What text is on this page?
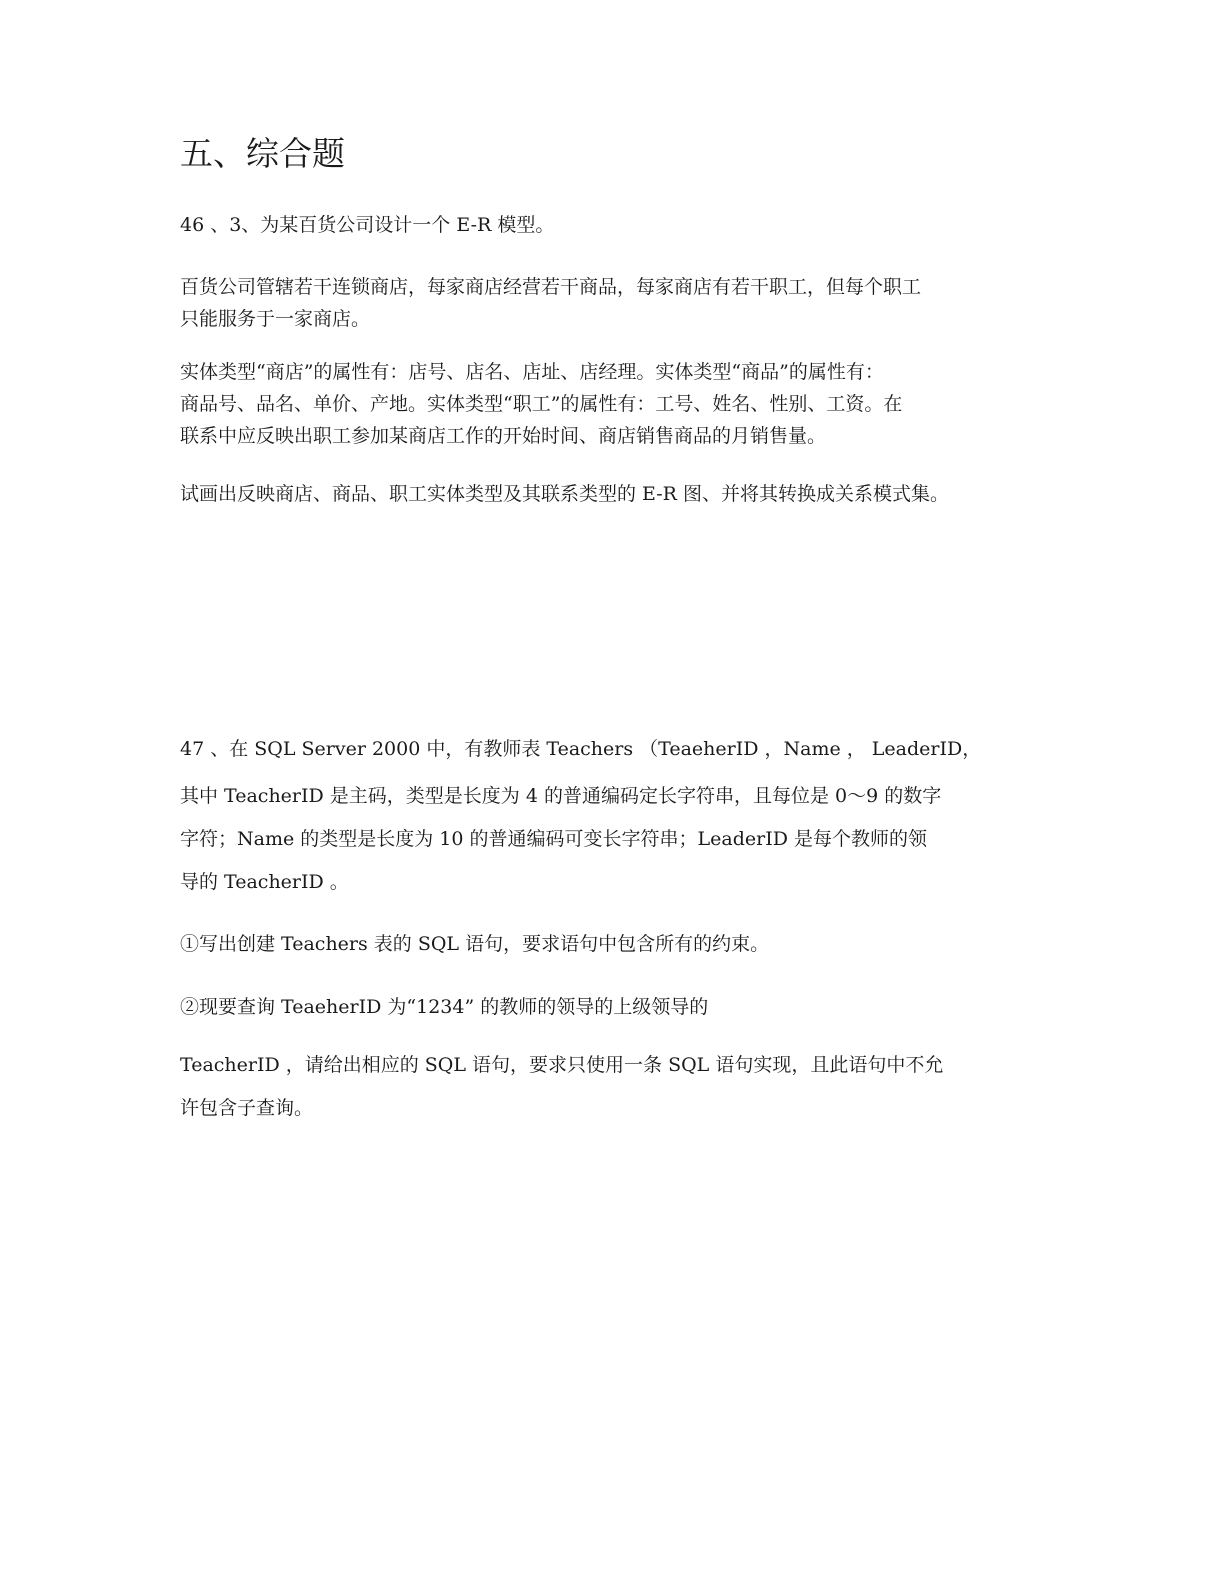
五、综合题

46 、3、为某百货公司设计一个 E-R 模型。

百货公司管辖若干连锁商店，每家商店经营若干商品，每家商店有若干职工，但每个职工

只能服务于一家商店。

实体类型“商店”的属性有：店号、店名、店址、店经理。实体类型“商品”的属性有：

商品号、品名、单价、产地。实体类型“职工”的属性有：工号、姓名、性别、工资。在

联系中应反映出职工参加某商店工作的开始时间、商店销售商品的月销售量。

试画出反映商店、商品、职工实体类型及其联系类型的 E-R 图、并将其转换成关系模式集。

47 、在 SQL Server 2000 中，有教师表 Teachers （TeaeherID ，Name ， LeaderID，

其中 TeacherID 是主码，类型是长度为 4 的普通编码定长字符串，且每位是 0～9 的数字

字符；Name 的类型是长度为 10 的普通编码可变长字符串；LeaderID 是每个教师的领

导的 TeacherID 。

①写出创建 Teachers 表的 SQL 语句，要求语句中包含所有的约束。

②现要查询 TeaeherID 为“1234” 的教师的领导的上级领导的

TeacherID ，请给出相应的 SQL 语句，要求只使用一条 SQL 语句实现，且此语句中不允

许包含子查询。
